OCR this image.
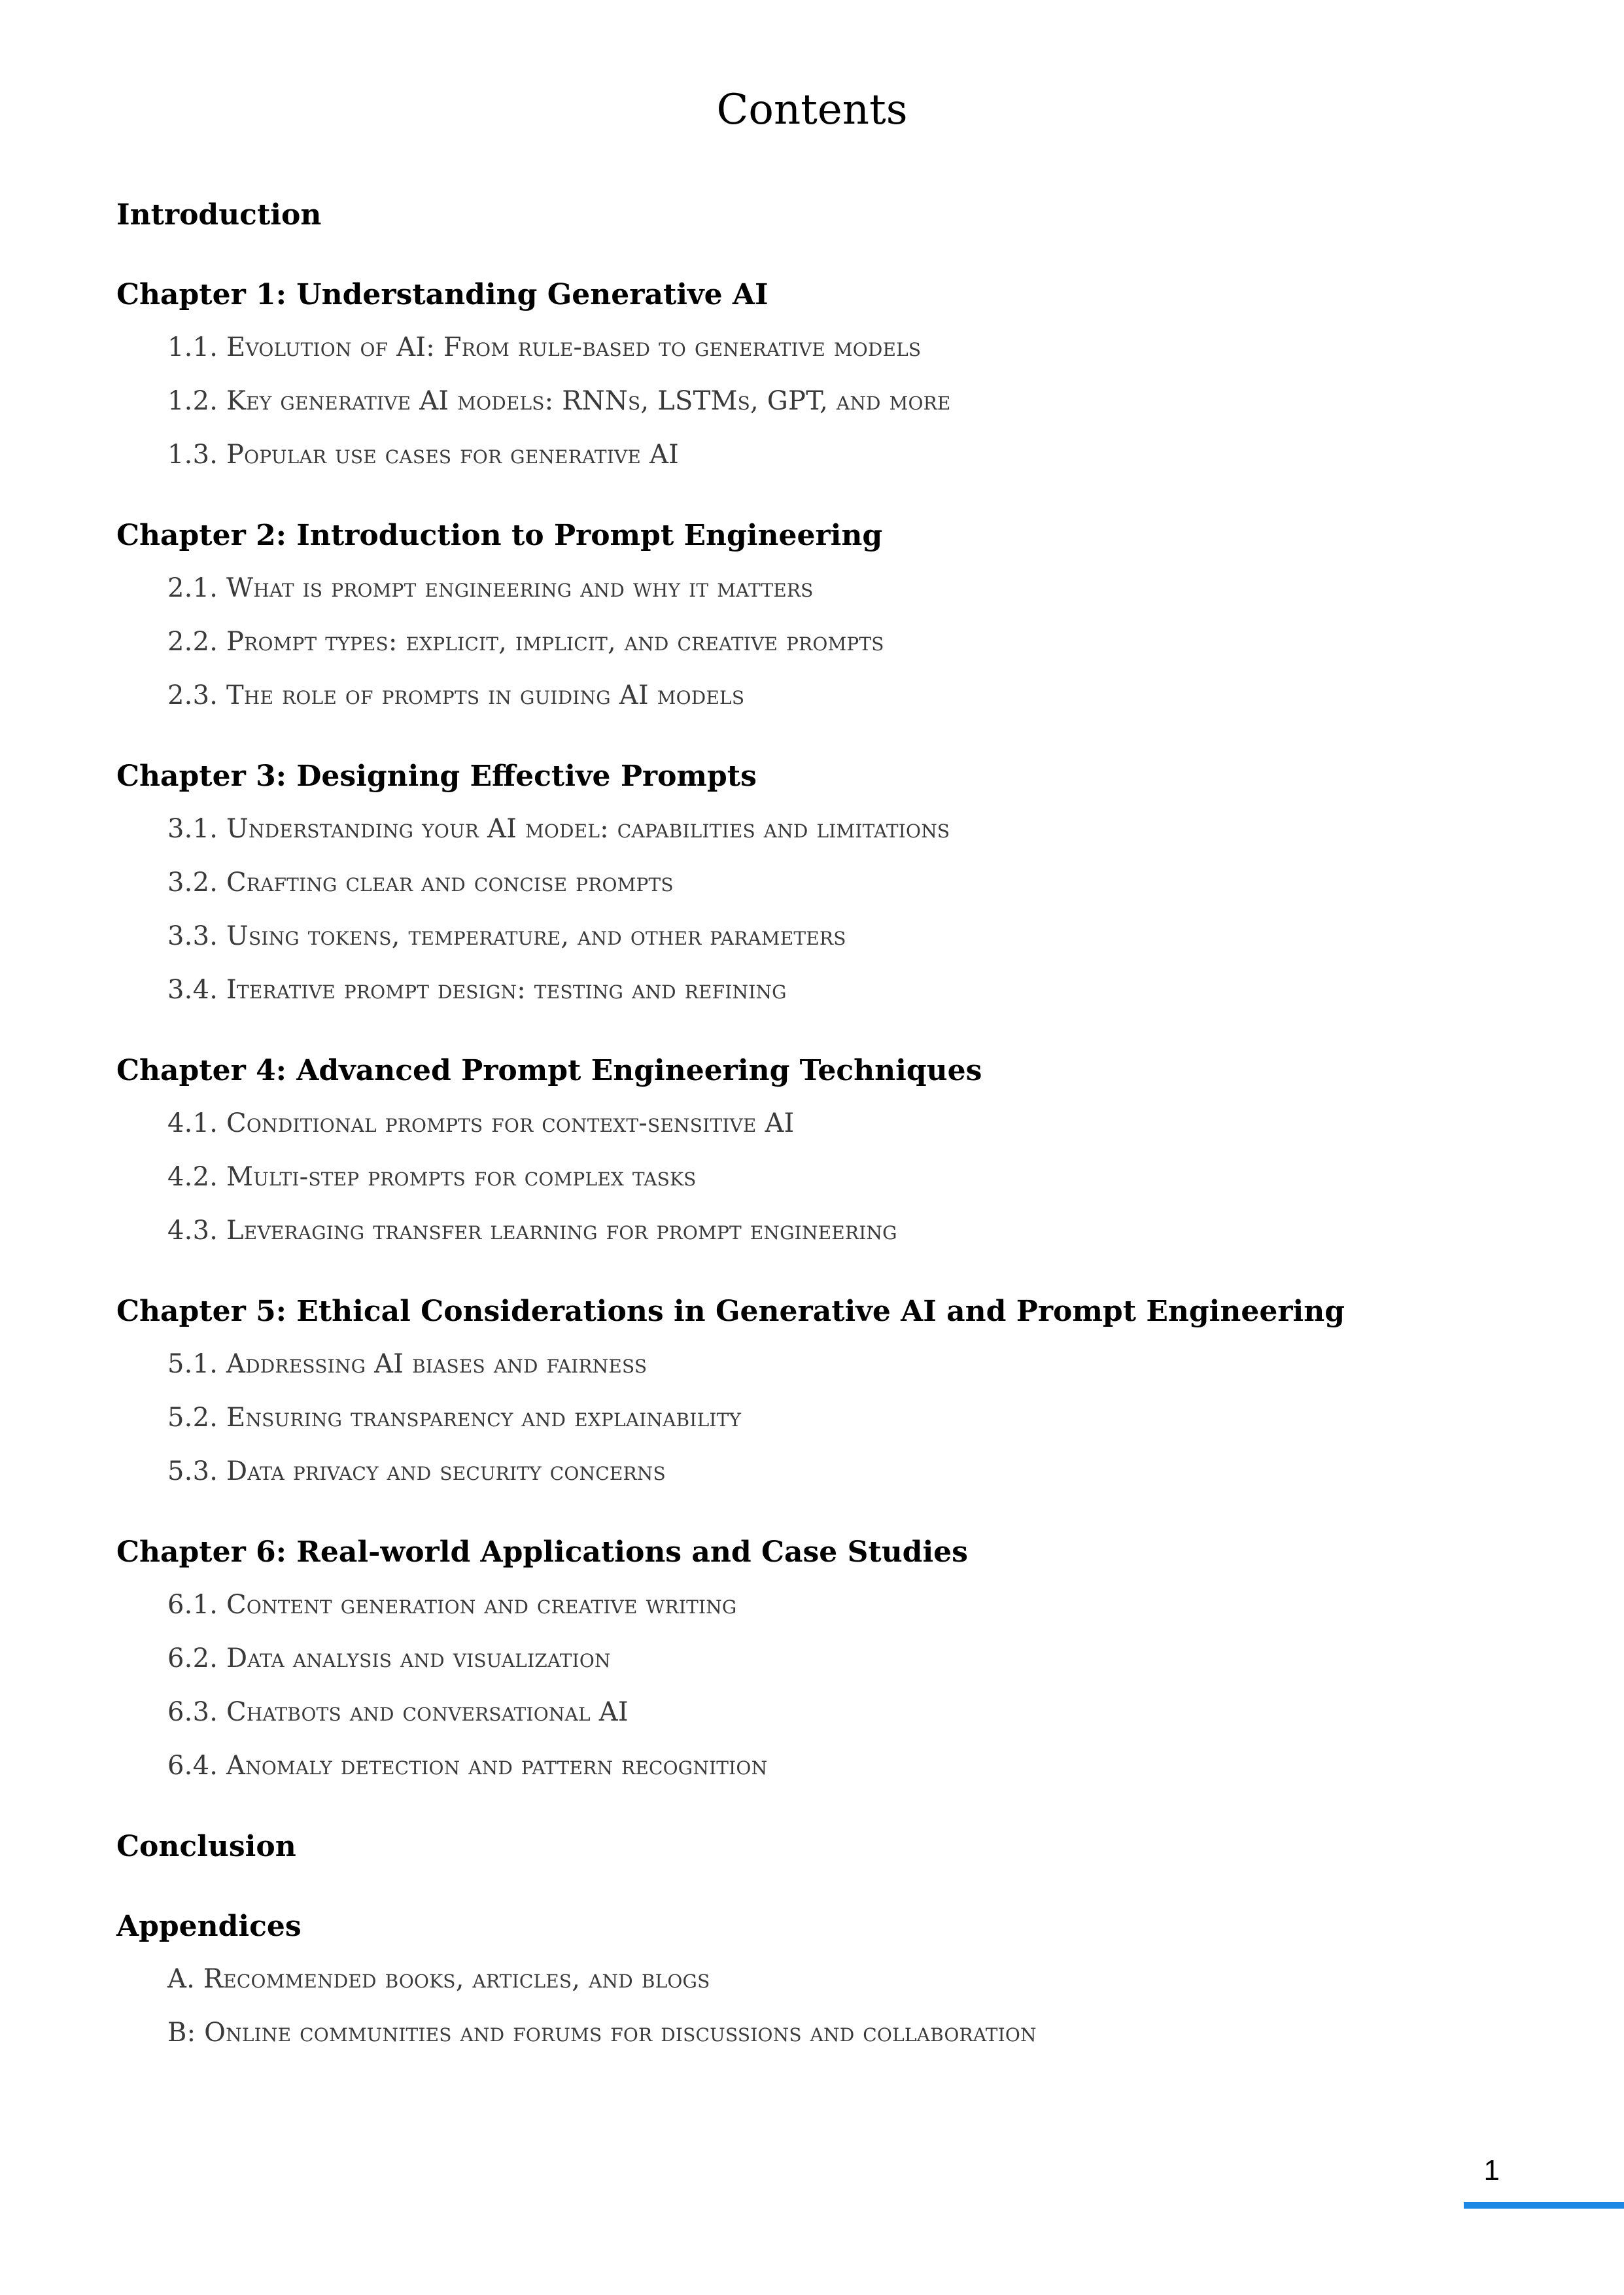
Contents
Introduction
Chapter 1: Understanding Generative AI
1.1. Evolution of AI: From rule-based to generative models
1.2. Key generative AI models: RNNs, LSTMs, GPT, and more
1.3. Popular use cases for generative AI
Chapter 2: Introduction to Prompt Engineering
2.1. What is prompt engineering and why it matters
2.2. Prompt types: explicit, implicit, and creative prompts
2.3. The role of prompts in guiding AI models
Chapter 3: Designing Effective Prompts
3.1. Understanding your AI model: capabilities and limitations
3.2. Crafting clear and concise prompts
3.3. Using tokens, temperature, and other parameters
3.4. Iterative prompt design: testing and refining
Chapter 4: Advanced Prompt Engineering Techniques
4.1. Conditional prompts for context-sensitive AI
4.2. Multi-step prompts for complex tasks
4.3. Leveraging transfer learning for prompt engineering
Chapter 5: Ethical Considerations in Generative AI and Prompt Engineering
5.1. Addressing AI biases and fairness
5.2. Ensuring transparency and explainability
5.3. Data privacy and security concerns
Chapter 6: Real-world Applications and Case Studies
6.1. Content generation and creative writing
6.2. Data analysis and visualization
6.3. Chatbots and conversational AI
6.4. Anomaly detection and pattern recognition
Conclusion
Appendices
A. Recommended books, articles, and blogs
B: Online communities and forums for discussions and collaboration
1
